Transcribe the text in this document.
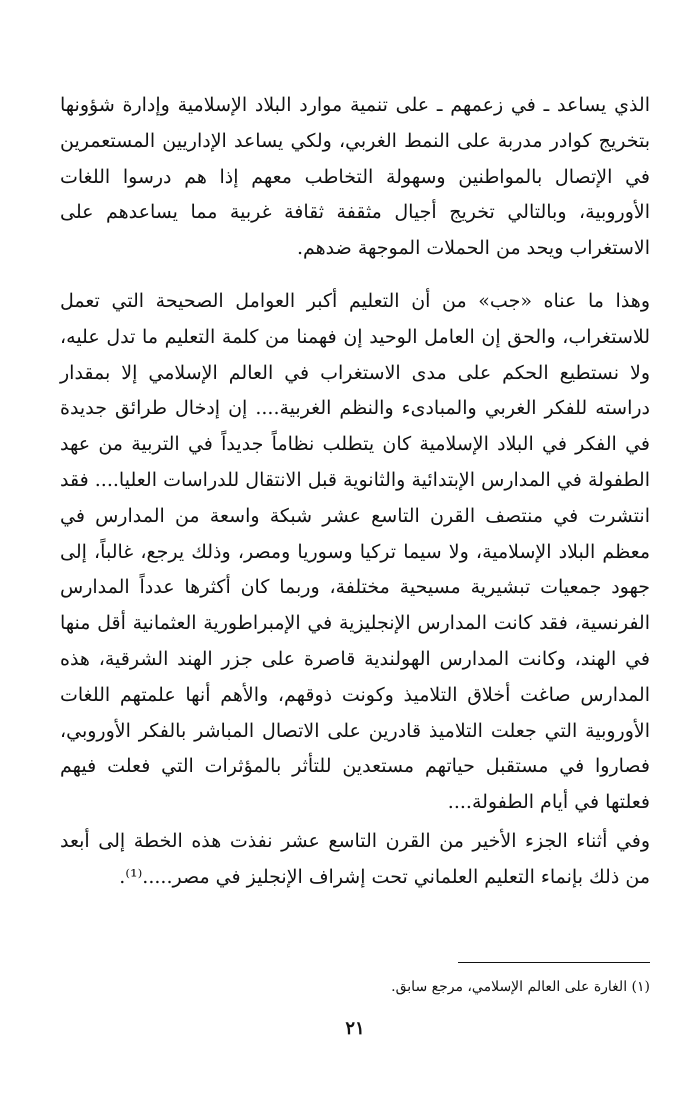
الذي يساعد ـ في زعمهم ـ على تنمية موارد البلاد الإسلامية وإدارة شؤونها بتخريج كوادر مدربة على النمط الغربي، ولكي يساعد الإداريين المستعمرين في الإتصال بالمواطنين وسهولة التخاطب معهم إذا هم درسوا اللغات الأوروبية، وبالتالي تخريج أجيال مثقفة ثقافة غربية مما يساعدهم على الاستغراب ويحد من الحملات الموجهة ضدهم.

وهذا ما عناه «جب» من أن التعليم أكبر العوامل الصحيحة التي تعمل للاستغراب، والحق إن العامل الوحيد إن فهمنا من كلمة التعليم ما تدل عليه، ولا نستطيع الحكم على مدى الاستغراب في العالم الإسلامي إلا بمقدار دراسته للفكر الغربي والمبادىء والنظم الغربية.... إن إدخال طرائق جديدة في الفكر في البلاد الإسلامية كان يتطلب نظاماً جديداً في التربية من عهد الطفولة في المدارس الإبتدائية والثانوية قبل الانتقال للدراسات العليا.... فقد انتشرت في منتصف القرن التاسع عشر شبكة واسعة من المدارس في معظم البلاد الإسلامية، ولا سيما تركيا وسوريا ومصر، وذلك يرجع، غالباً، إلى جهود جمعيات تبشيرية مسيحية مختلفة، وربما كان أكثرها عدداً المدارس الفرنسية، فقد كانت المدارس الإنجليزية في الإمبراطورية العثمانية أقل منها في الهند، وكانت المدارس الهولندية قاصرة على جزر الهند الشرقية، هذه المدارس صاغت أخلاق التلاميذ وكونت ذوقهم، والأهم أنها علمتهم اللغات الأوروبية التي جعلت التلاميذ قادرين على الاتصال المباشر بالفكر الأوروبي، فصاروا في مستقبل حياتهم مستعدين للتأثر بالمؤثرات التي فعلت فيهم فعلتها في أيام الطفولة....

وفي أثناء الجزء الأخير من القرن التاسع عشر نفذت هذه الخطة إلى أبعد من ذلك بإنماء التعليم العلماني تحت إشراف الإنجليز في مصر.....⁽¹⁾.

(١) الغارة على العالم الإسلامي، مرجع سابق.

٢١
